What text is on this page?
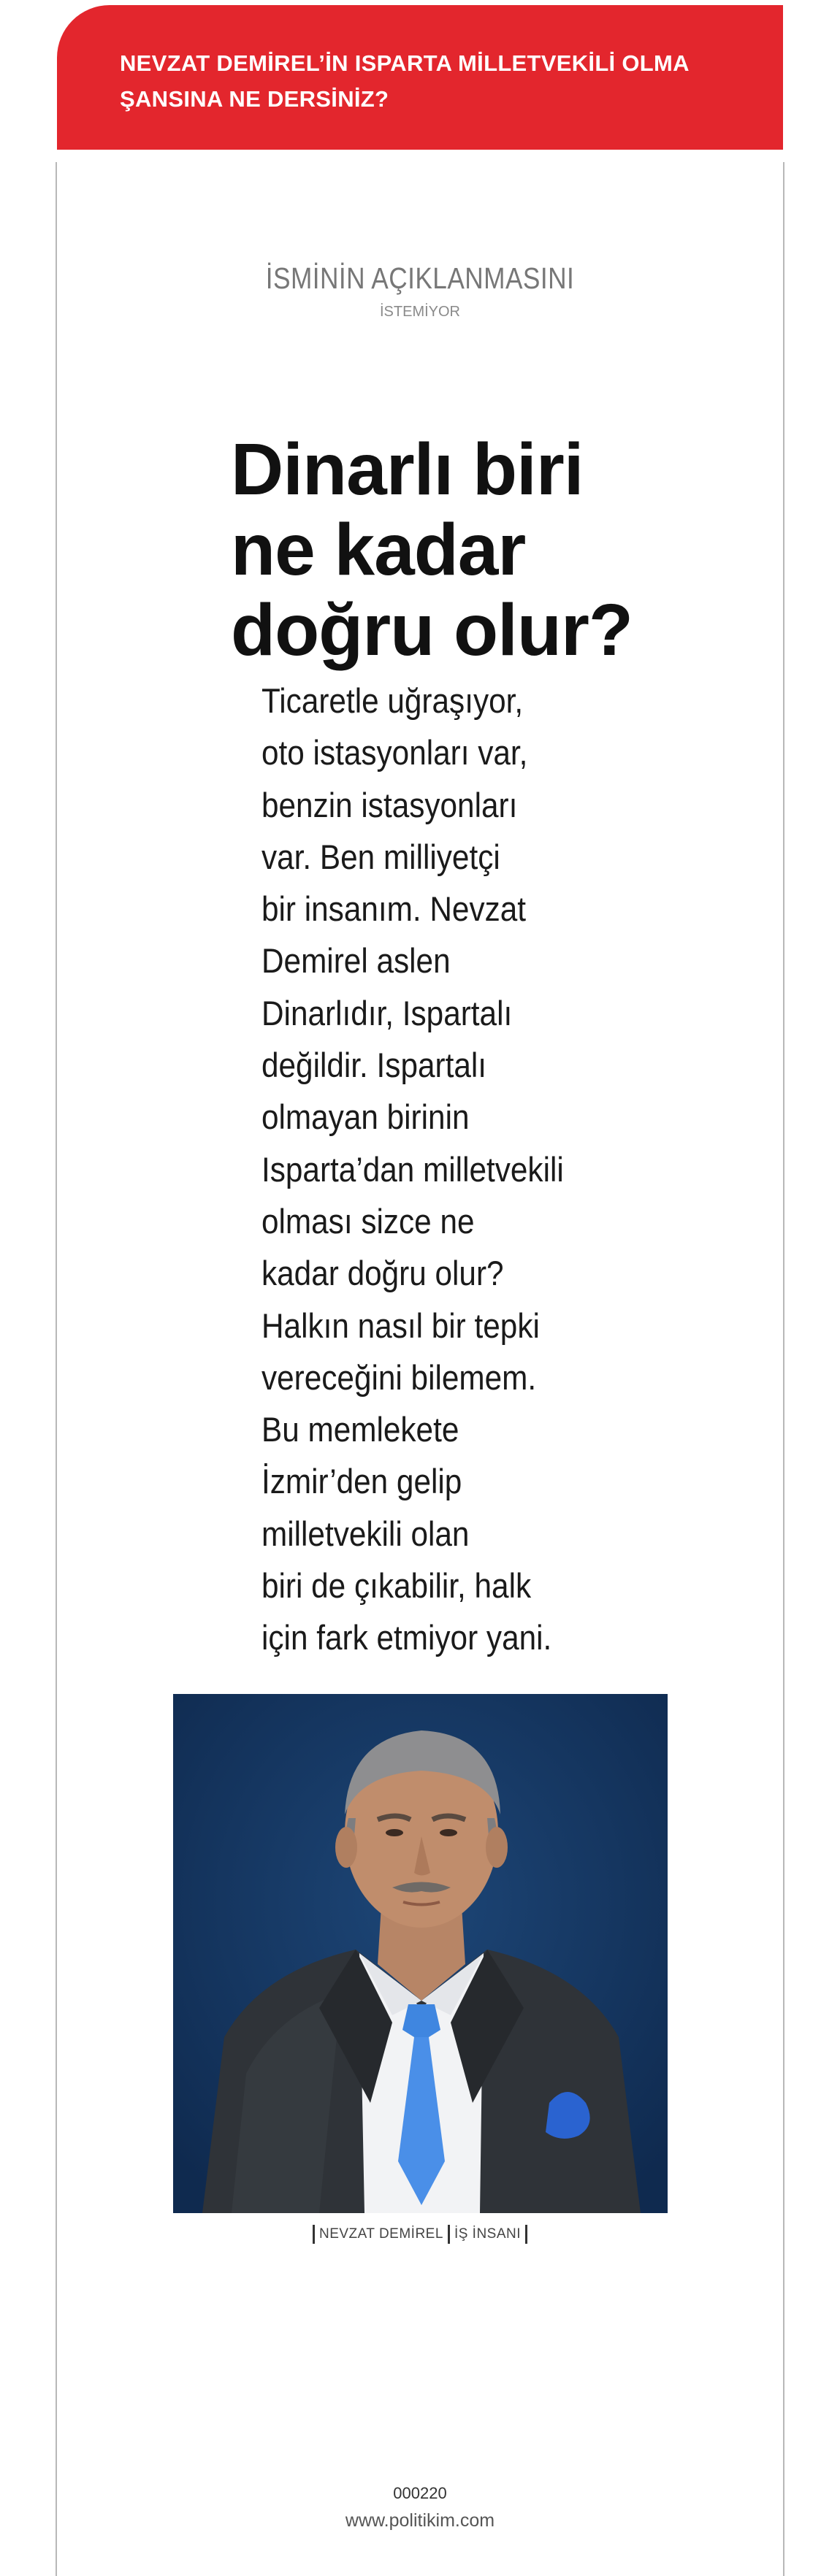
NEVZAT DEMİREL’İN ISPARTA MİLLETVEKİLİ OLMA
ŞANSINA NE DERSİNİZ?
İSMİNİN AÇIKLANMASINI
İSTEMİYOR
Dinarlı biri
ne kadar
doğru olur?
Ticaretle uğraşıyor,
oto istasyonları var,
benzin istasyonları
var. Ben milliyetçi
bir insanım. Nevzat
Demirel aslen
Dinarlıdır, Ispartalı
değildir. Ispartalı
olmayan birinin
Isparta’dan milletvekili
olması sizce ne
kadar doğru olur?
Halkın nasıl bir tepki
vereceğini bilemem.
Bu memlekete
İzmir’den gelip
milletvekili olan
biri de çıkabilir, halk
için fark etmiyor yani.
NEVZAT DEMİREL İŞ İNSANI
000220
www.politikim.com
